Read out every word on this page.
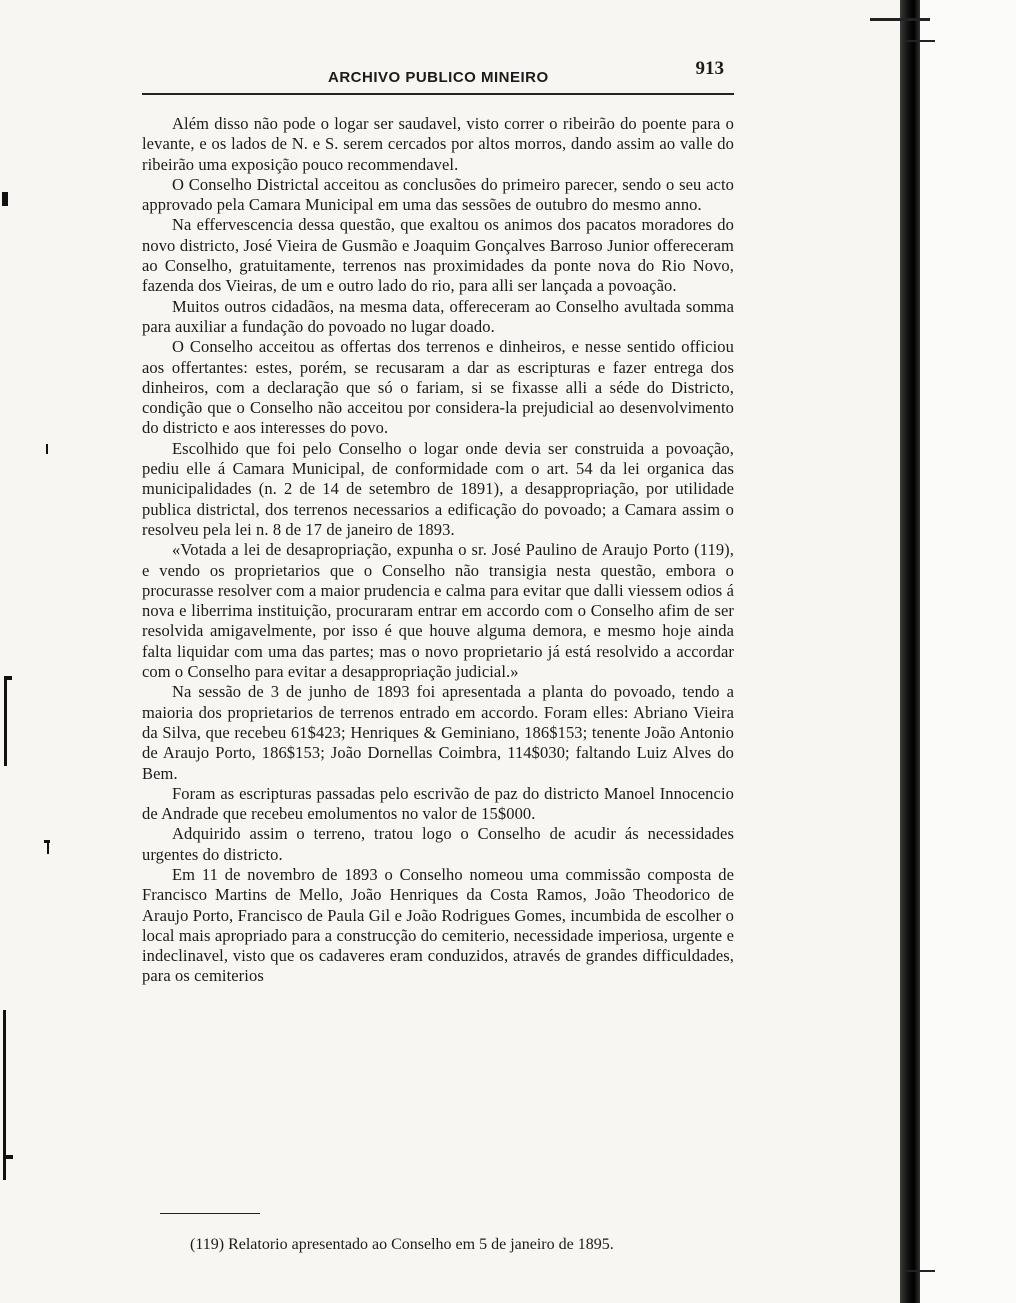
ARCHIVO PUBLICO MINEIRO	913

Além disso não pode o logar ser saudavel, visto correr o ribeirão do poente para o levante, e os lados de N. e S. serem cercados por altos morros, dando assim ao valle do ribeirão uma exposição pouco recommendavel.

O Conselho Districtal acceitou as conclusões do primeiro parecer, sendo o seu acto approvado pela Camara Municipal em uma das sessões de outubro do mesmo anno.

Na effervescencia dessa questão, que exaltou os animos dos pacatos moradores do novo districto, José Vieira de Gusmão e Joaquim Gonçalves Barroso Junior offereceram ao Conselho, gratuitamente, terrenos nas proximidades da ponte nova do Rio Novo, fazenda dos Vieiras, de um e outro lado do rio, para alli ser lançada a povoação.

Muitos outros cidadãos, na mesma data, offereceram ao Conselho avultada somma para auxiliar a fundação do povoado no lugar doado.

O Conselho acceitou as offertas dos terrenos e dinheiros, e nesse sentido officiou aos offertantes: estes, porém, se recusaram a dar as escripturas e fazer entrega dos dinheiros, com a declaração que só o fariam, si se fixasse alli a séde do Districto, condição que o Conselho não acceitou por considera-la prejudicial ao desenvolvimento do districto e aos interesses do povo.

Escolhido que foi pelo Conselho o logar onde devia ser construida a povoação, pediu elle á Camara Municipal, de conformidade com o art. 54 da lei organica das municipalidades (n. 2 de 14 de setembro de 1891), a desappropriação, por utilidade publica districtal, dos terrenos necessarios a edificação do povoado; a Camara assim o resolveu pela lei n. 8 de 17 de janeiro de 1893.

«Votada a lei de desapropriação, expunha o sr. José Paulino de Araujo Porto (119), e vendo os proprietarios que o Conselho não transigia nesta questão, embora o procurasse resolver com a maior prudencia e calma para evitar que dalli viessem odios á nova e liberrima instituição, procuraram entrar em accordo com o Conselho afim de ser resolvida amigavelmente, por isso é que houve alguma demora, e mesmo hoje ainda falta liquidar com uma das partes; mas o novo proprietario já está resolvido a accordar com o Conselho para evitar a desappropriação judicial.»

Na sessão de 3 de junho de 1893 foi apresentada a planta do povoado, tendo a maioria dos proprietarios de terrenos entrado em accordo. Foram elles: Abriano Vieira da Silva, que recebeu 61$423; Henriques & Geminiano, 186$153; tenente João Antonio de Araujo Porto, 186$153; João Dornellas Coimbra, 114$030; faltando Luiz Alves do Bem.

Foram as escripturas passadas pelo escrivão de paz do districto Manoel Innocencio de Andrade que recebeu emolumentos no valor de 15$000.

Adquirido assim o terreno, tratou logo o Conselho de acudir ás necessidades urgentes do districto.

Em 11 de novembro de 1893 o Conselho nomeou uma commissão composta de Francisco Martins de Mello, João Henriques da Costa Ramos, João Theodorico de Araujo Porto, Francisco de Paula Gil e João Rodrigues Gomes, incumbida de escolher o local mais apropriado para a construcção do cemiterio, necessidade imperiosa, urgente e indeclinavel, visto que os cadaveres eram conduzidos, através de grandes difficuldades, para os cemiterios

(119) Relatorio apresentado ao Conselho em 5 de janeiro de 1895.
